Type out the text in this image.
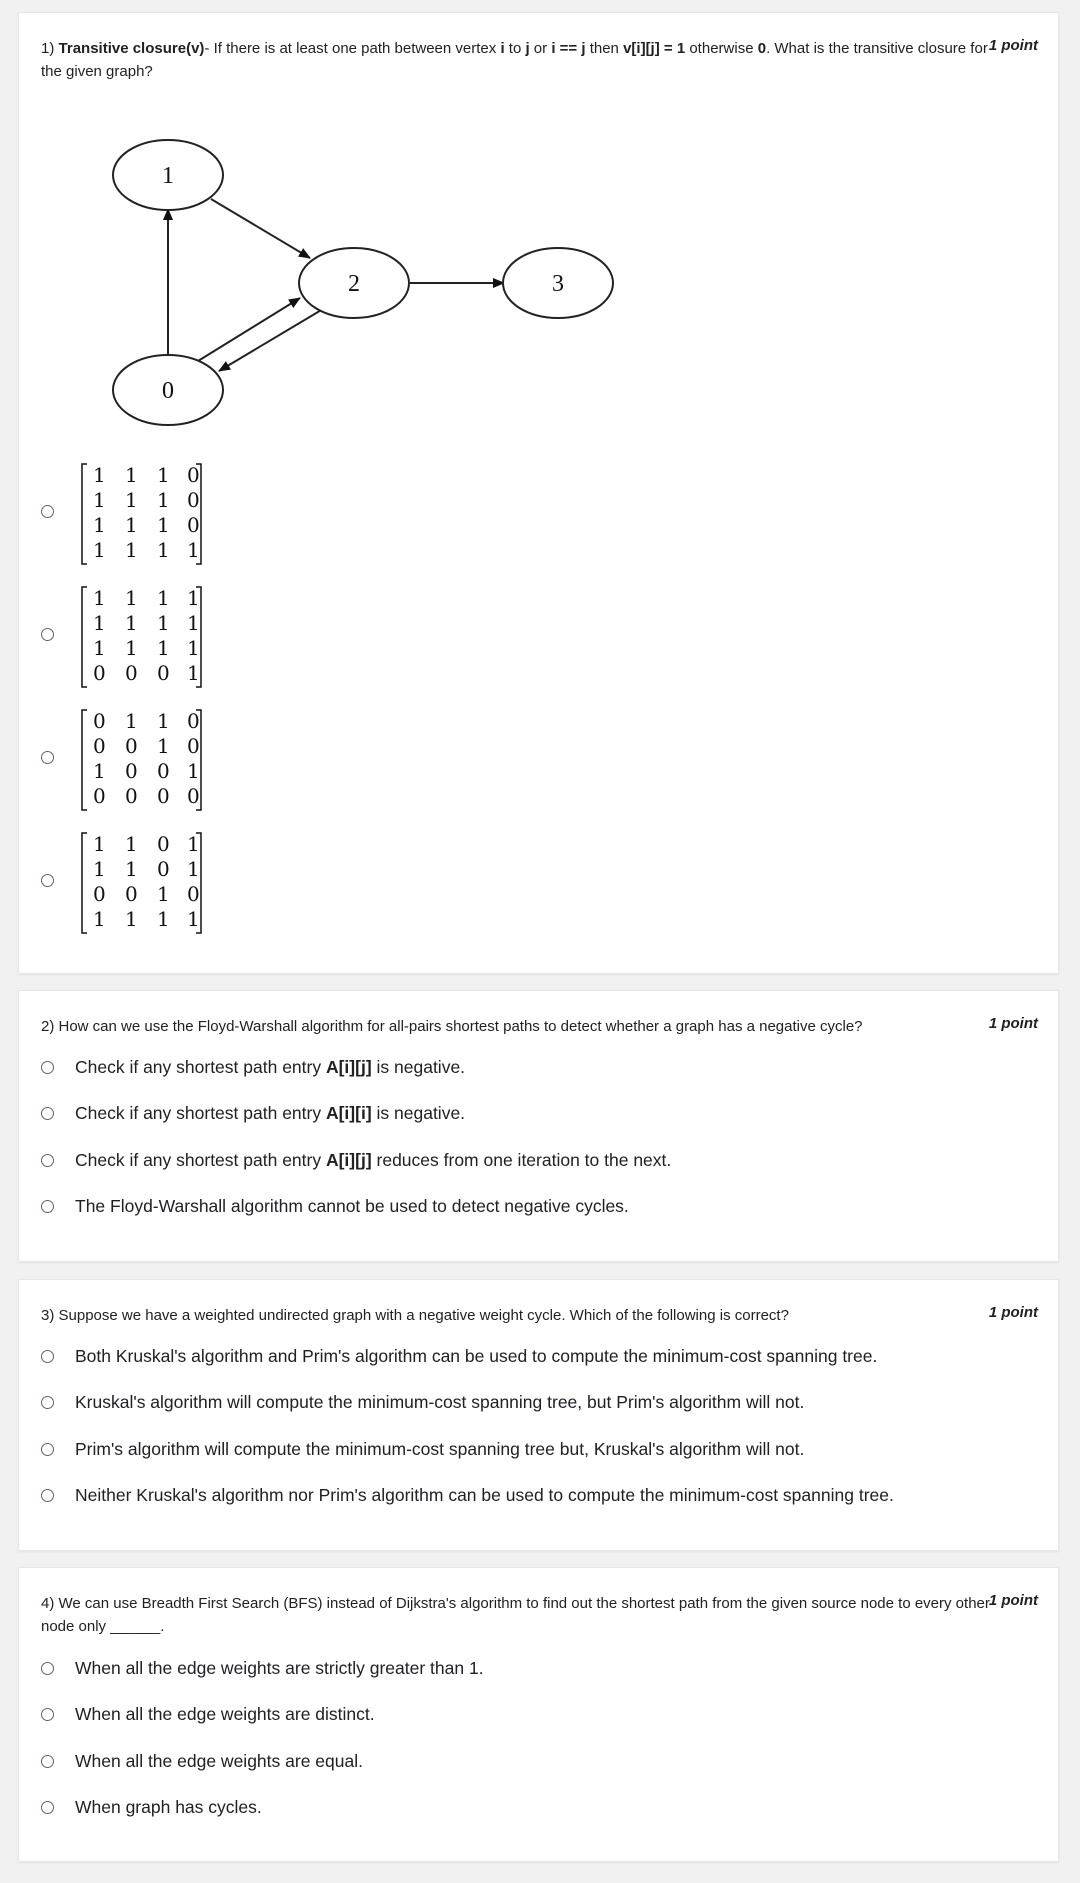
1) Transitive closure(v)- If there is at least one path between vertex i to j or i == j then v[i][j] = 1 otherwise 0. What is the transitive closure for the given graph?
1 point
1
2	3
0
1 1 1 0
1 1 1 0
1 1 1 0
1 1 1 1
1 1 1 1
1 1 1 1
1 1 1 1
0 0 0 1
0 1 1 0
0 0 1 0
1 0 0 1
0 0 0 0
1 1 0 1
1 1 0 1
0 0 1 0
1 1 1 1
2) How can we use the Floyd-Warshall algorithm for all-pairs shortest paths to detect whether a graph has a negative cycle?	1 point
Check if any shortest path entry A[i][j] is negative.
Check if any shortest path entry A[i][i] is negative.
Check if any shortest path entry A[i][j] reduces from one iteration to the next.
The Floyd-Warshall algorithm cannot be used to detect negative cycles.
3) Suppose we have a weighted undirected graph with a negative weight cycle. Which of the following is correct?	1 point
Both Kruskal's algorithm and Prim's algorithm can be used to compute the minimum-cost spanning tree.
Kruskal's algorithm will compute the minimum-cost spanning tree, but Prim's algorithm will not.
Prim's algorithm will compute the minimum-cost spanning tree but, Kruskal's algorithm will not.
Neither Kruskal's algorithm nor Prim's algorithm can be used to compute the minimum-cost spanning tree.
4) We can use Breadth First Search (BFS) instead of Dijkstra's algorithm to find out the shortest path from the given source node to every other node only ______.
1 point
When all the edge weights are strictly greater than 1.
When all the edge weights are distinct.
When all the edge weights are equal.
When graph has cycles.
